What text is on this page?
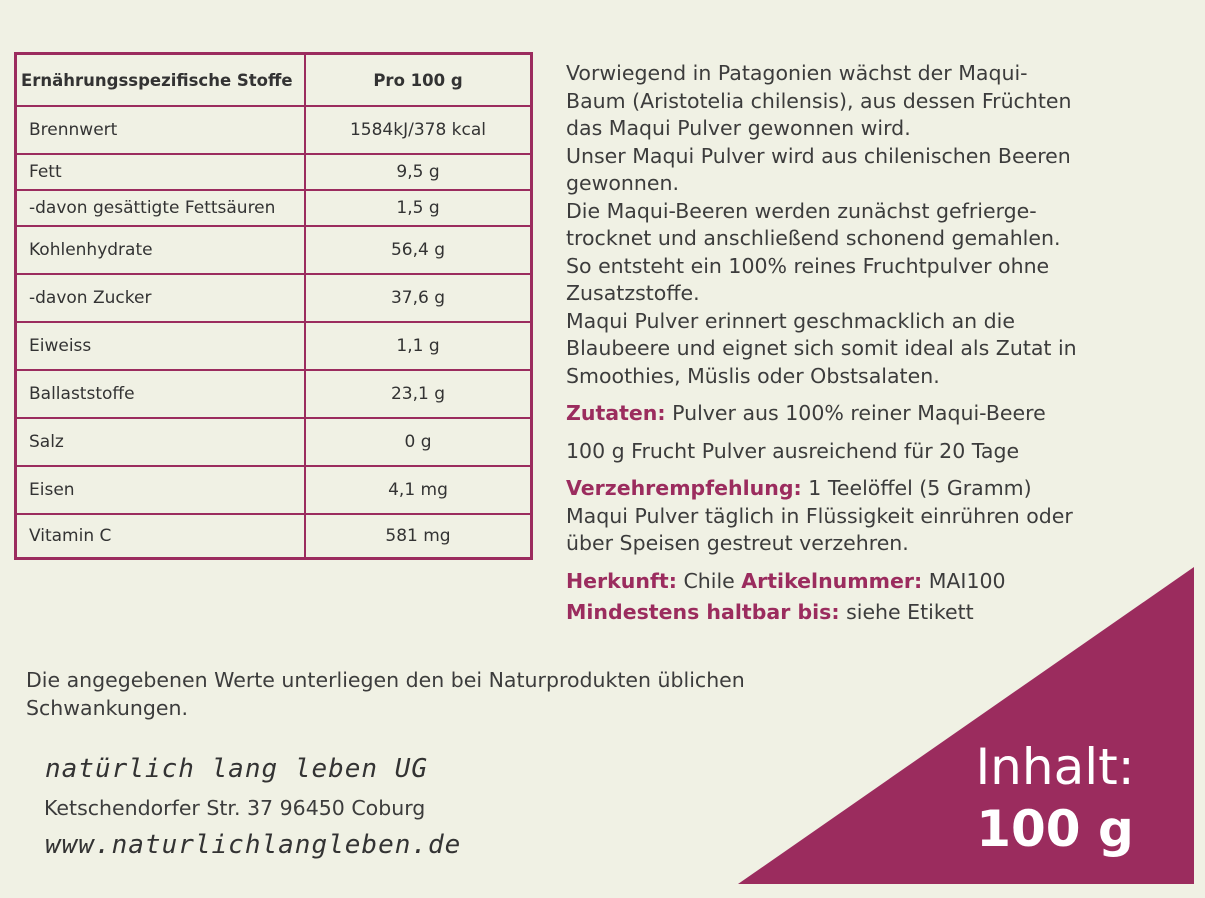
Ernährungsspezifische Stoffe	Pro 100 g
Brennwert	1584kJ/378 kcal
Fett	9,5 g
-davon gesättigte Fettsäuren	1,5 g
Kohlenhydrate	56,4 g
-davon Zucker	37,6 g
Eiweiss	1,1 g
Ballaststoffe	23,1 g
Salz	0 g
Eisen	4,1 mg
Vitamin C	581 mg

Vorwiegend in Patagonien wächst der Maqui-

Baum (Aristotelia chilensis), aus dessen Früchten

das Maqui Pulver gewonnen wird.

Unser Maqui Pulver wird aus chilenischen Beeren

gewonnen.

Die Maqui-Beeren werden zunächst gefrierge-

trocknet und anschließend schonend gemahlen.

So entsteht ein 100% reines Fruchtpulver ohne

Zusatzstoffe.

Maqui Pulver erinnert geschmacklich an die

Blaubeere und eignet sich somit ideal als Zutat in

Smoothies, Müslis oder Obstsalaten.

Zutaten: Pulver aus 100% reiner Maqui-Beere

100 g Frucht Pulver ausreichend für 20 Tage

Verzehrempfehlung: 1 Teelöffel (5 Gramm)

Maqui Pulver täglich in Flüssigkeit einrühren oder

über Speisen gestreut verzehren.

Herkunft: Chile Artikelnummer: MAI100

Mindestens haltbar bis: siehe Etikett

Die angegebenen Werte unterliegen den bei Naturprodukten üblichen
Schwankungen.
natürlich lang leben UG
Ketschendorfer Str. 37 96450 Coburg
www.naturlichlangleben.de
Inhalt:
100 g
